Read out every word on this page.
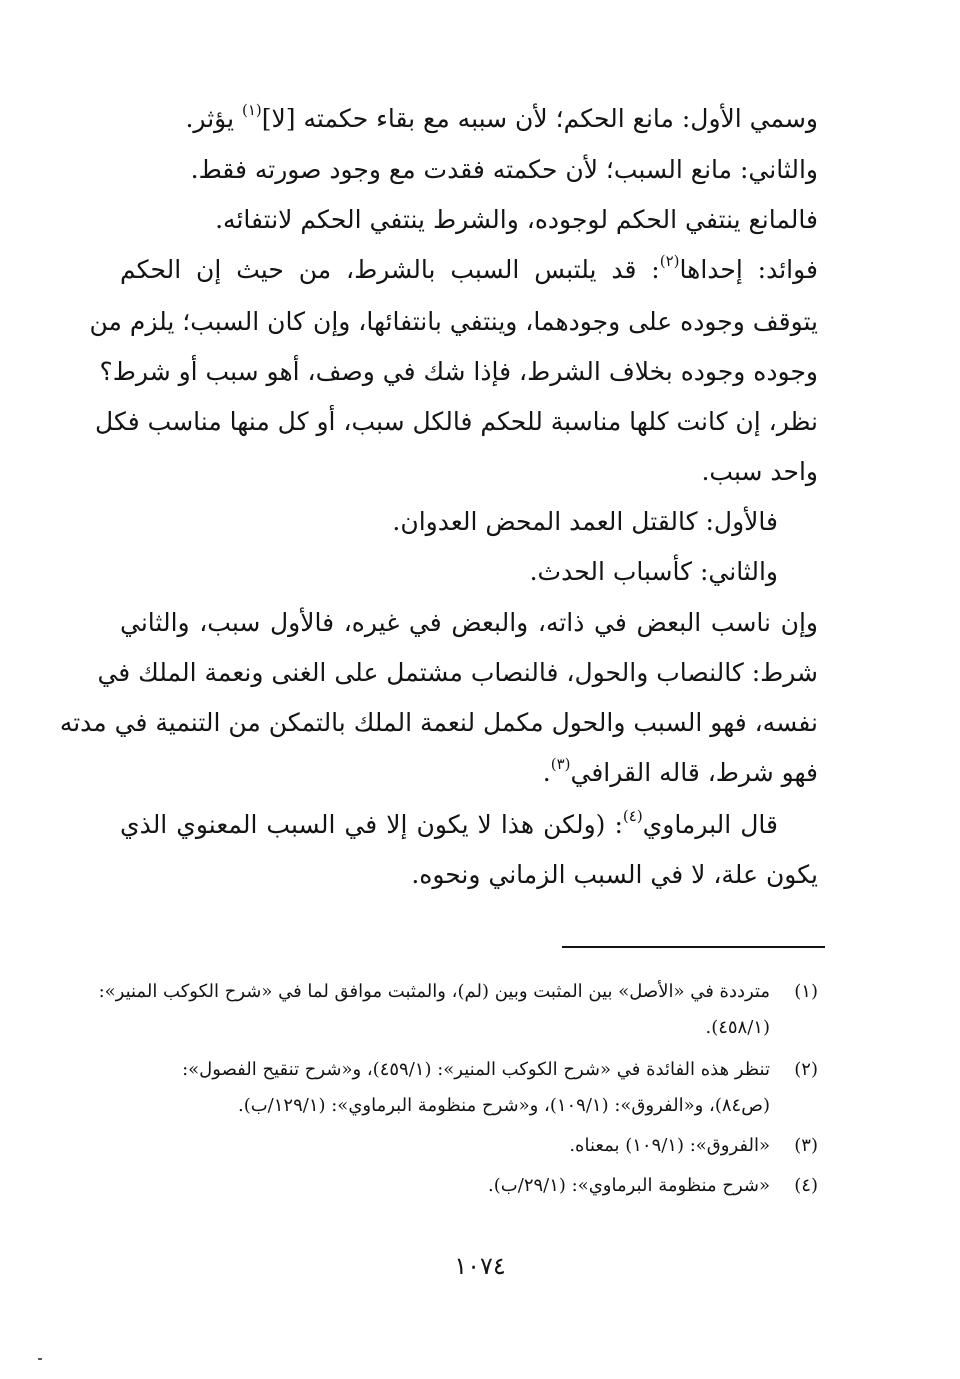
وسمي الأول: مانع الحكم؛ لأن سببه مع بقاء حكمته [لا]$^{(١)}$ يؤثر.
والثاني: مانع السبب؛ لأن حكمته فقدت مع وجود صورته فقط.
فالمانع ينتفي الحكم لوجوده، والشرط ينتفي الحكم لانتفائه.
فوائد: إحداها$^{(٢)}$: قد يلتبس السبب بالشرط، من حيث إن الحكم
يتوقف وجوده على وجودهما، وينتفي بانتفائها، وإن كان السبب؛ يلزم من
وجوده وجوده بخلاف الشرط، فإذا شك في وصف، أهو سبب أو شرط؟
نظر، إن كانت كلها مناسبة للحكم فالكل سبب، أو كل منها مناسب فكل
واحد سبب.
فالأول: كالقتل العمد المحض العدوان.
والثاني: كأسباب الحدث.
وإن ناسب البعض في ذاته، والبعض في غيره، فالأول سبب، والثاني
شرط: كالنصاب والحول، فالنصاب مشتمل على الغنى ونعمة الملك في
نفسه، فهو السبب والحول مكمل لنعمة الملك بالتمكن من التنمية في مدته
فهو شرط، قاله القرافي$^{(٣)}$.
قال البرماوي$^{(٤)}$: (ولكن هذا لا يكون إلا في السبب المعنوي الذي
يكون علة، لا في السبب الزماني ونحوه.
(١)مترددة في «الأصل» بين المثبت وبين (لم)، والمثبت موافق لما في «شرح الكوكب المنير»:
(٤٥٨/١).
(٢)تنظر هذه الفائدة في «شرح الكوكب المنير»: (٤٥٩/١)، و«شرح تنقيح الفصول»:
(ص٨٤)، و«الفروق»: (١٠٩/١)، و«شرح منظومة البرماوي»: (١٢٩/١/ب).
(٣)«الفروق»: (١٠٩/١) بمعناه.
(٤)«شرح منظومة البرماوي»: (٢٩/١/ب).
١٠٧٤
